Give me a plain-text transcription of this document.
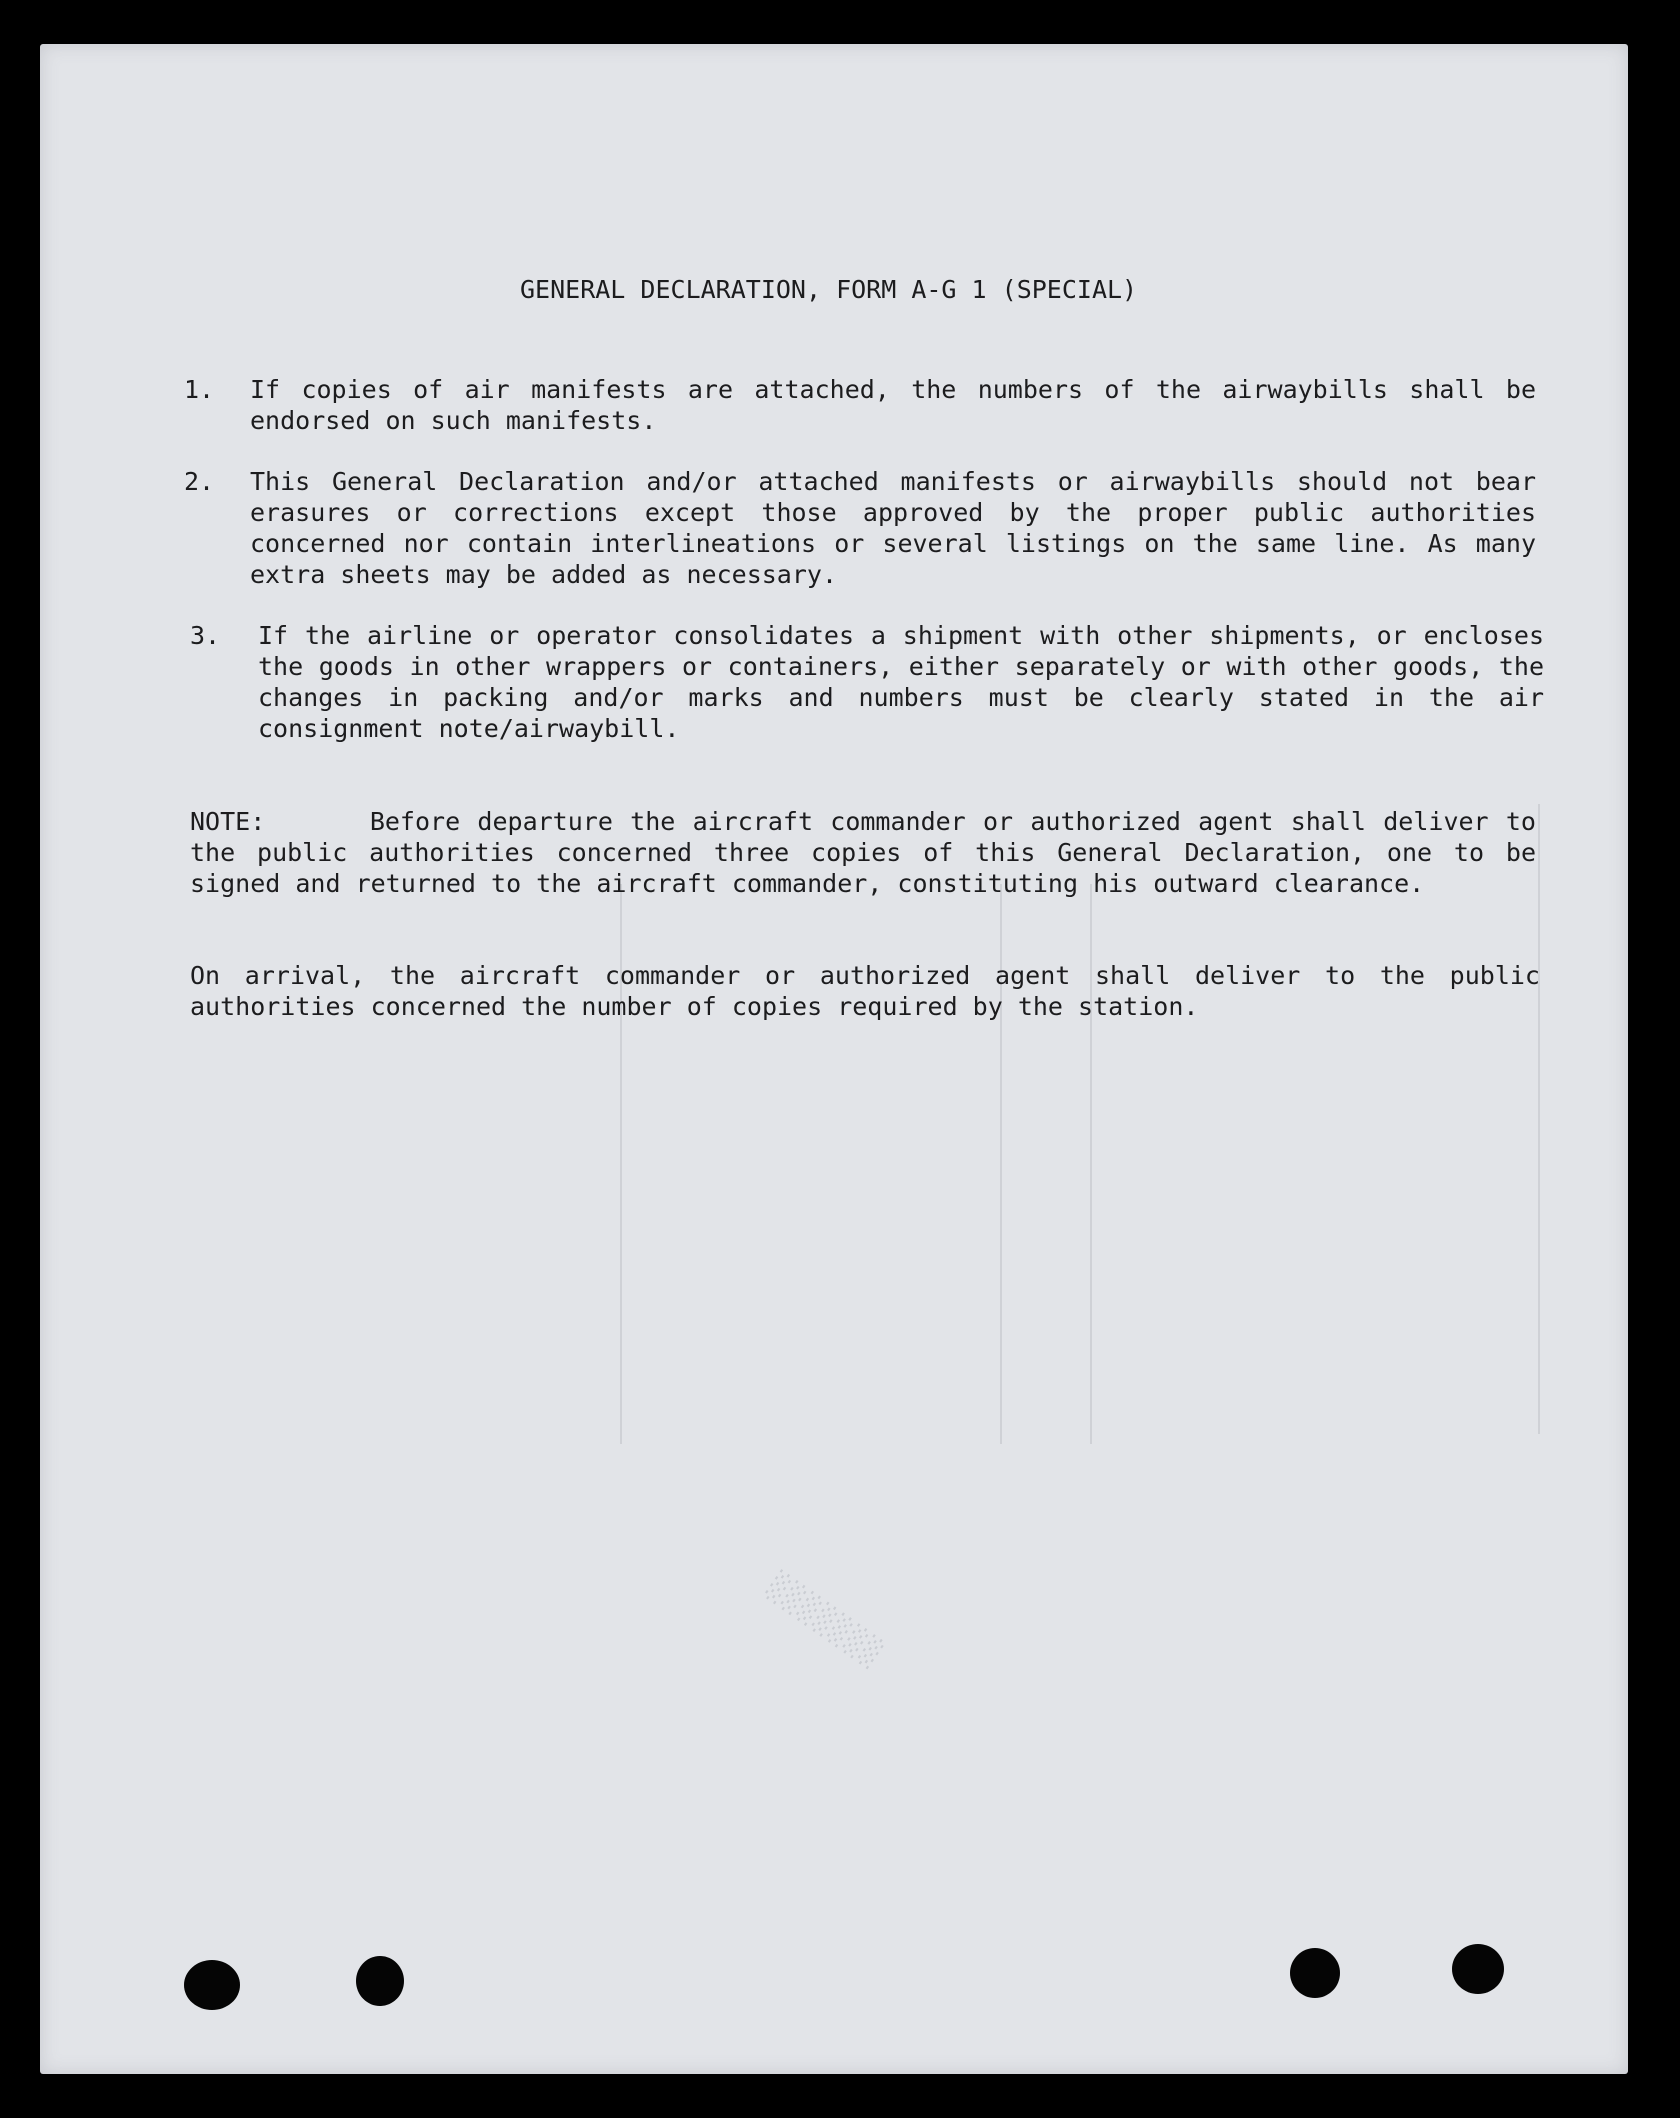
░░░░░░░
GENERAL DECLARATION, FORM A-G 1 (SPECIAL)
1. If copies of air manifests are attached, the numbers of the airwaybills shall be endorsed on such manifests.
2. This General Declaration and/or attached manifests or airwaybills should not bear erasures or corrections except those approved by the proper public authorities concerned nor contain interlineations or several listings on the same line. As many extra sheets may be added as necessary.
3. If the airline or operator consolidates a shipment with other shipments, or encloses the goods in other wrappers or containers, either separately or with other goods, the changes in packing and/or marks and numbers must be clearly stated in the air consignment note/airwaybill.
NOTE:	Before departure the aircraft commander or authorized agent shall deliver to the public authorities concerned three copies of this General Declaration, one to be signed and returned to the aircraft commander, constituting his outward clearance.
On arrival, the aircraft commander or authorized agent shall deliver to the public authorities concerned the number of copies required by the station.
